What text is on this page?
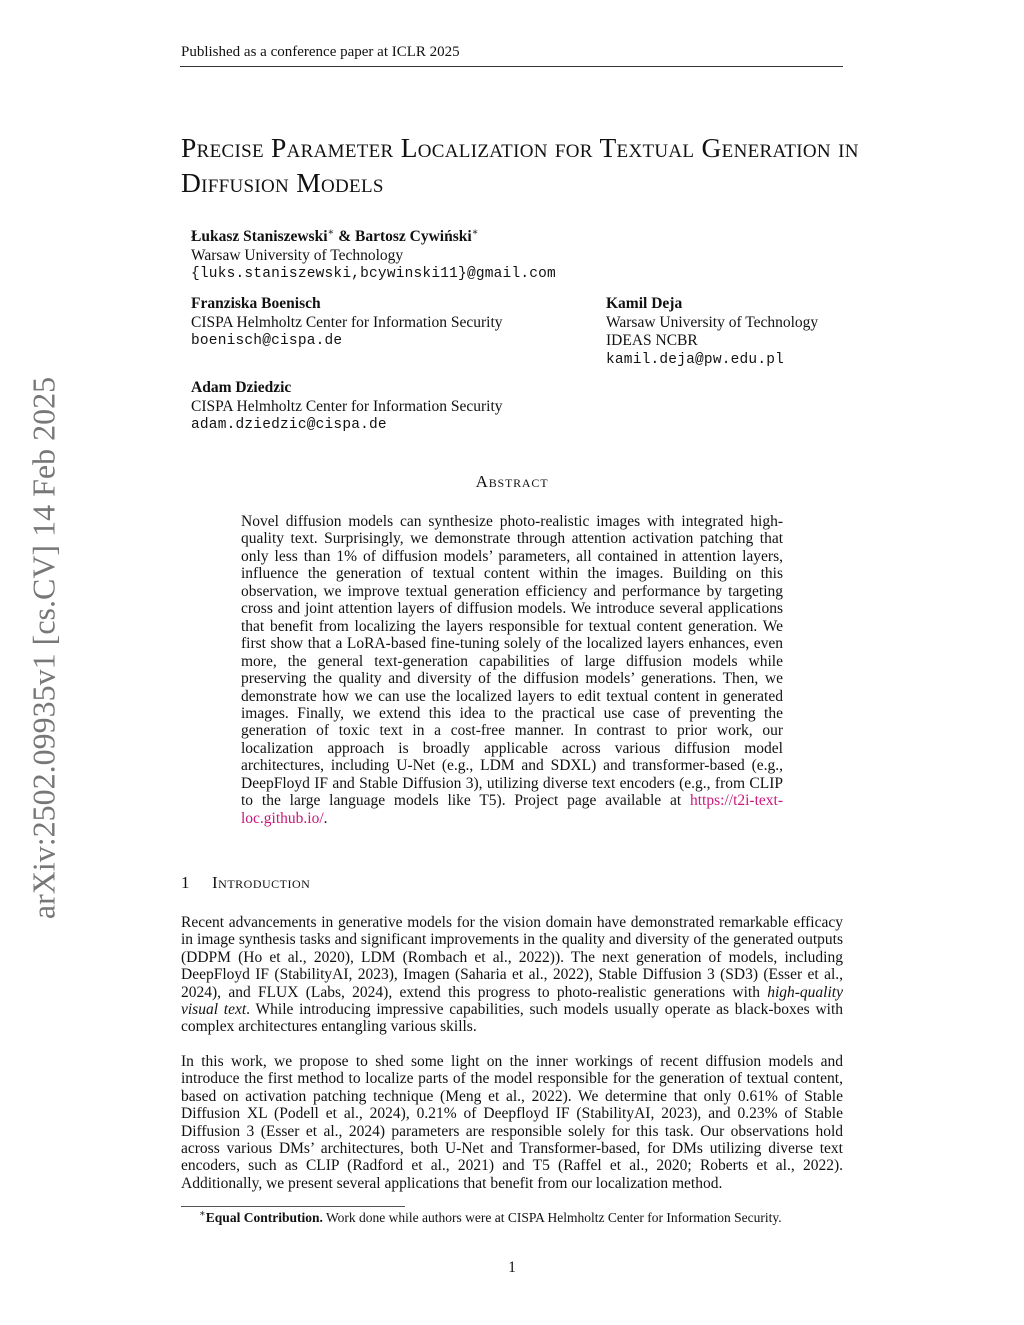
Published as a conference paper at ICLR 2025
arXiv:2502.09935v1 [cs.CV] 14 Feb 2025
Precise Parameter Localization for Textual Generation in Diffusion Models
Łukasz Staniszewski∗ & Bartosz Cywiński∗
Warsaw University of Technology
{luks.staniszewski,bcywinski11}@gmail.com
Franziska Boenisch
CISPA Helmholtz Center for Information Security
boenisch@cispa.de
Kamil Deja
Warsaw University of Technology
IDEAS NCBR
kamil.deja@pw.edu.pl
Adam Dziedzic
CISPA Helmholtz Center for Information Security
adam.dziedzic@cispa.de
Abstract
Novel diffusion models can synthesize photo-realistic images with integrated high-quality text. Surprisingly, we demonstrate through attention activation patching that only less than 1% of diffusion models’ parameters, all contained in attention layers, influence the generation of textual content within the images. Building on this observation, we improve textual generation efficiency and performance by targeting cross and joint attention layers of diffusion models. We introduce several applications that benefit from localizing the layers responsible for textual content generation. We first show that a LoRA-based fine-tuning solely of the localized layers enhances, even more, the general text-generation capabilities of large diffusion models while preserving the quality and diversity of the diffusion models’ generations. Then, we demonstrate how we can use the localized layers to edit textual content in generated images. Finally, we extend this idea to the practical use case of preventing the generation of toxic text in a cost-free manner. In contrast to prior work, our localization approach is broadly applicable across various diffusion model architectures, including U-Net (e.g., LDM and SDXL) and transformer-based (e.g., DeepFloyd IF and Stable Diffusion 3), utilizing diverse text encoders (e.g., from CLIP to the large language models like T5). Project page available at https://t2i-text-loc.github.io/.
1 Introduction
Recent advancements in generative models for the vision domain have demonstrated remarkable efficacy in image synthesis tasks and significant improvements in the quality and diversity of the generated outputs (DDPM (Ho et al., 2020), LDM (Rombach et al., 2022)). The next generation of models, including DeepFloyd IF (StabilityAI, 2023), Imagen (Saharia et al., 2022), Stable Diffusion 3 (SD3) (Esser et al., 2024), and FLUX (Labs, 2024), extend this progress to photo-realistic generations with high-quality visual text. While introducing impressive capabilities, such models usually operate as black-boxes with complex architectures entangling various skills.
In this work, we propose to shed some light on the inner workings of recent diffusion models and introduce the first method to localize parts of the model responsible for the generation of textual content, based on activation patching technique (Meng et al., 2022). We determine that only 0.61% of Stable Diffusion XL (Podell et al., 2024), 0.21% of Deepfloyd IF (StabilityAI, 2023), and 0.23% of Stable Diffusion 3 (Esser et al., 2024) parameters are responsible solely for this task. Our observations hold across various DMs’ architectures, both U-Net and Transformer-based, for DMs utilizing diverse text encoders, such as CLIP (Radford et al., 2021) and T5 (Raffel et al., 2020; Roberts et al., 2022). Additionally, we present several applications that benefit from our localization method.
∗Equal Contribution. Work done while authors were at CISPA Helmholtz Center for Information Security.
1
